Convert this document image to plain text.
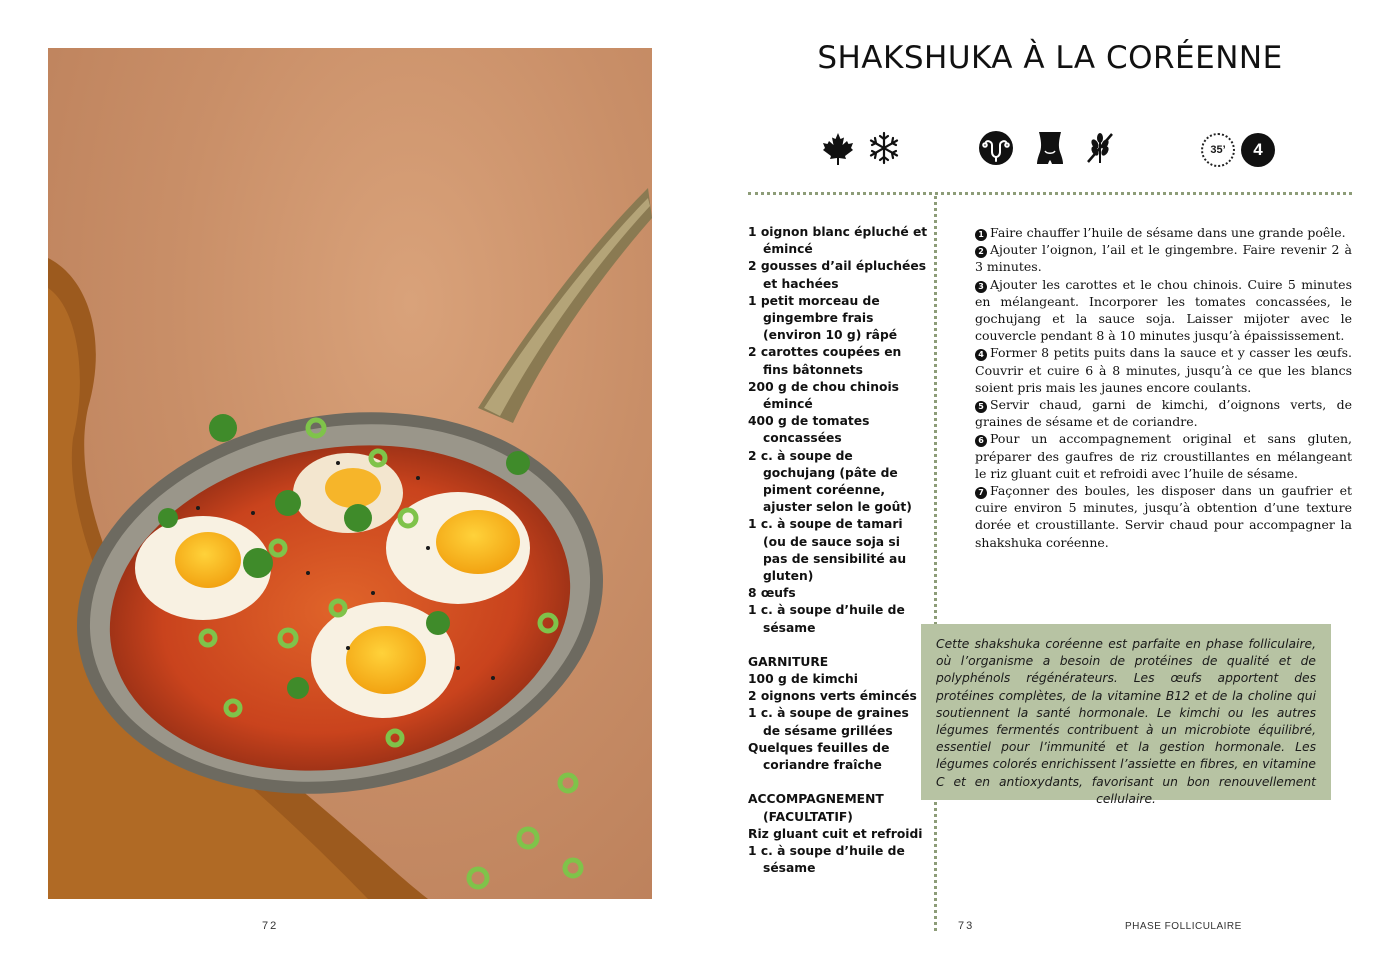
72
SHAKSHUKA À LA CORÉENNE
35’	4
1 oignon blanc épluché et émincé
2 gousses d’ail épluchées et hachées
1 petit morceau de gingembre frais (environ 10 g) râpé
2 carottes coupées en fins bâtonnets
200 g de chou chinois émincé
400 g de tomates concassées
2 c. à soupe de gochujang (pâte de piment coréenne, ajuster selon le goût)
1 c. à soupe de tamari (ou de sauce soja si pas de sensibilité au gluten)
8 œufs
1 c. à soupe d’huile de sésame
GARNITURE
100 g de kimchi
2 oignons verts émincés
1 c. à soupe de graines de sésame grillées
Quelques feuilles de coriandre fraîche
ACCOMPAGNEMENT (FACULTATIF)
Riz gluant cuit et refroidi
1 c. à soupe d’huile de sésame
1 Faire chauffer l’huile de sésame dans une grande poêle.
2 Ajouter l’oignon, l’ail et le gingembre. Faire revenir 2 à 3 minutes.
3 Ajouter les carottes et le chou chinois. Cuire 5 minutes en mélangeant. Incorporer les tomates concassées, le gochujang et la sauce soja. Laisser mijoter avec le couvercle pendant 8 à 10 minutes jusqu’à épaississement.
4 Former 8 petits puits dans la sauce et y casser les œufs. Couvrir et cuire 6 à 8 minutes, jusqu’à ce que les blancs soient pris mais les jaunes encore coulants.
5 Servir chaud, garni de kimchi, d’oignons verts, de graines de sésame et de coriandre.
6 Pour un accompagnement original et sans gluten, préparer des gaufres de riz croustillantes en mélangeant le riz gluant cuit et refroidi avec l’huile de sésame.
7 Façonner des boules, les disposer dans un gaufrier et cuire environ 5 minutes, jusqu’à obtention d’une texture dorée et croustillante. Servir chaud pour accompagner la shakshuka coréenne.
Cette shakshuka coréenne est parfaite en phase folliculaire, où l’organisme a besoin de protéines de qualité et de polyphénols régénérateurs. Les œufs apportent des protéines complètes, de la vitamine B12 et de la choline qui soutiennent la santé hormonale. Le kimchi ou les autres légumes fermentés contribuent à un microbiote équilibré, essentiel pour l’immunité et la gestion hormonale. Les légumes colorés enrichissent l’assiette en fibres, en vitamine C et en antioxydants, favorisant un bon renouvellement cellulaire.
73	PHASE FOLLICULAIRE
